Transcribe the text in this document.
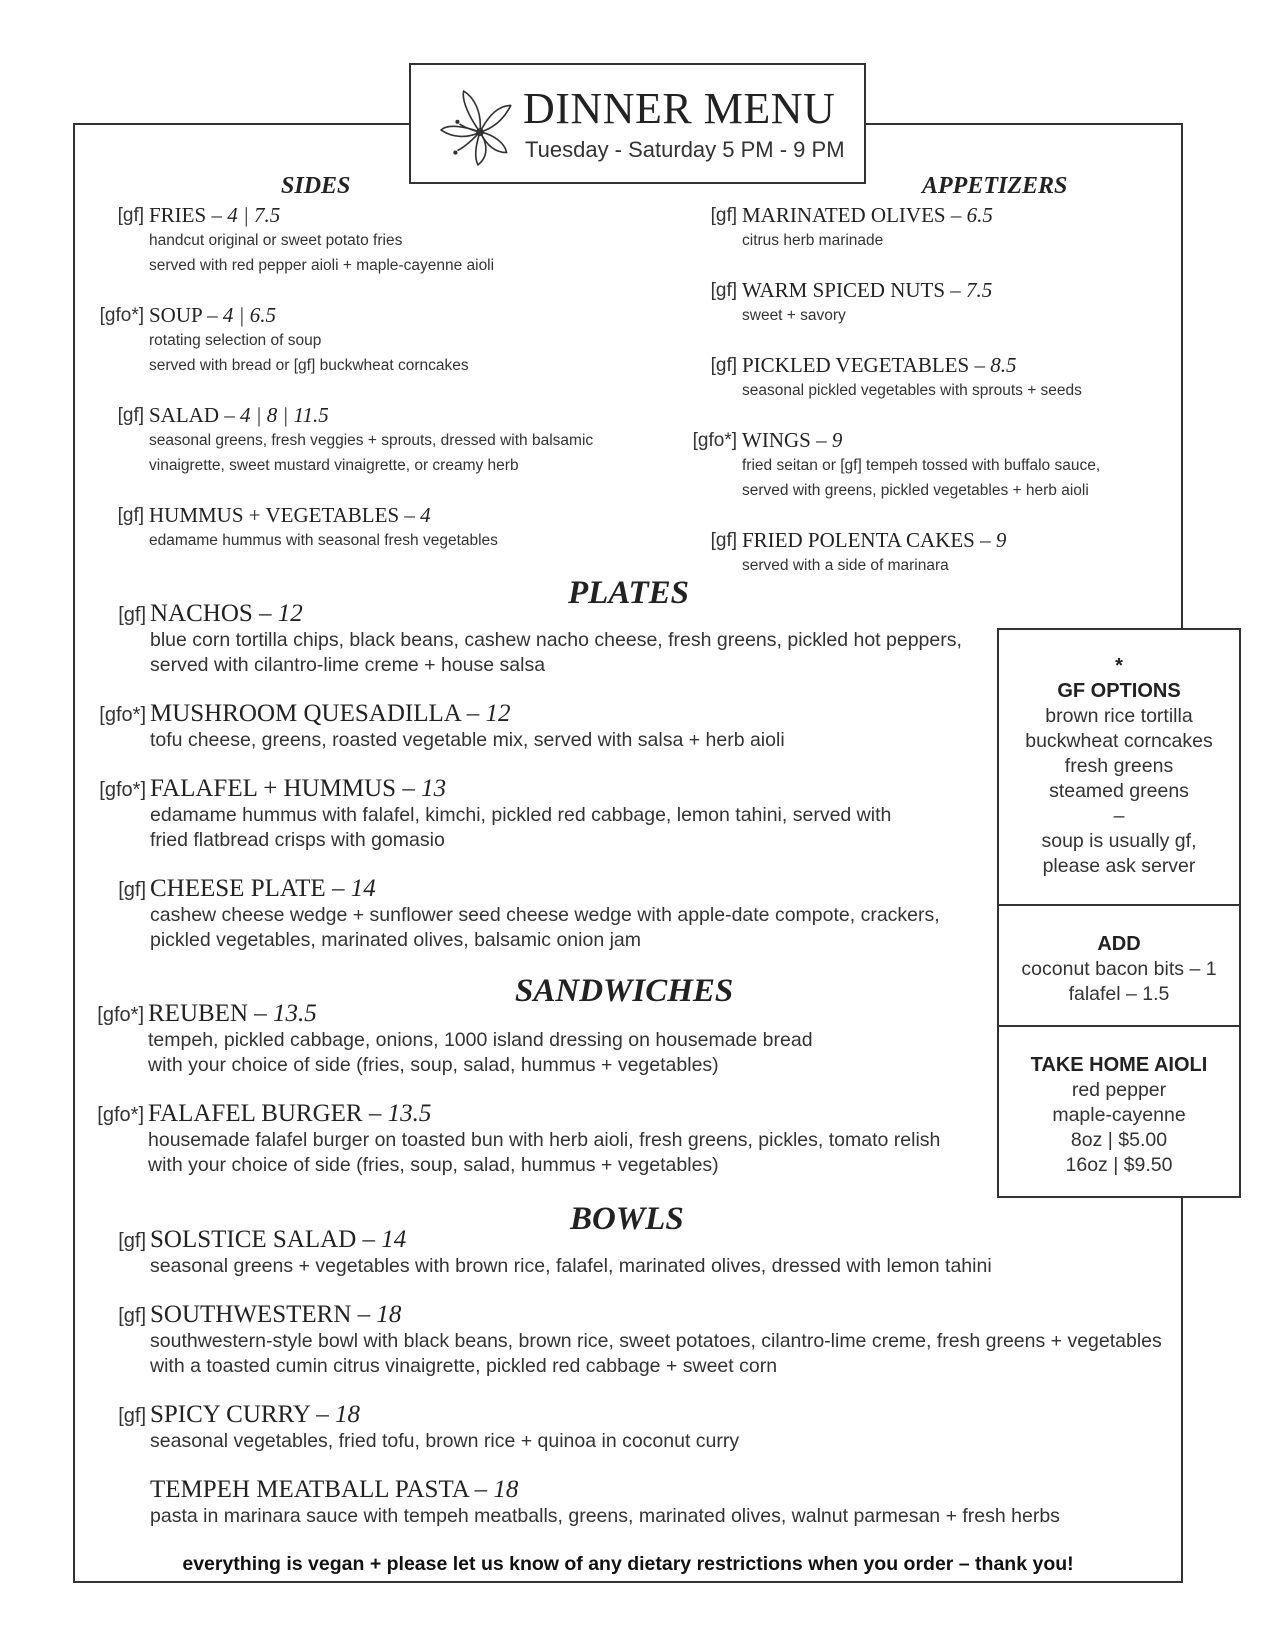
DINNER MENU
Tuesday - Saturday 5 PM - 9 PM
SIDES	APPETIZERS
PLATES
SANDWICHES
BOWLS
[gf] FRIES – 4 | 7.5
handcut original or sweet potato fries
served with red pepper aioli + maple-cayenne aioli
[gfo*] SOUP – 4 | 6.5
rotating selection of soup
served with bread or [gf] buckwheat corncakes
[gf] SALAD – 4 | 8 | 11.5
seasonal greens, fresh veggies + sprouts, dressed with balsamic
vinaigrette, sweet mustard vinaigrette, or creamy herb
[gf] HUMMUS + VEGETABLES – 4
edamame hummus with seasonal fresh vegetables
[gf] MARINATED OLIVES – 6.5
citrus herb marinade
[gf] WARM SPICED NUTS – 7.5
sweet + savory
[gf] PICKLED VEGETABLES – 8.5
seasonal pickled vegetables with sprouts + seeds
[gfo*] WINGS – 9
fried seitan or [gf] tempeh tossed with buffalo sauce,
served with greens, pickled vegetables + herb aioli
[gf] FRIED POLENTA CAKES – 9
served with a side of marinara
[gf] NACHOS – 12
blue corn tortilla chips, black beans, cashew nacho cheese, fresh greens, pickled hot peppers,
served with cilantro-lime creme + house salsa
[gfo*] MUSHROOM QUESADILLA – 12
tofu cheese, greens, roasted vegetable mix, served with salsa + herb aioli
[gfo*] FALAFEL + HUMMUS – 13
edamame hummus with falafel, kimchi, pickled red cabbage, lemon tahini, served with
fried flatbread crisps with gomasio
[gf] CHEESE PLATE – 14
cashew cheese wedge + sunflower seed cheese wedge with apple-date compote, crackers,
pickled vegetables, marinated olives, balsamic onion jam
[gfo*] REUBEN – 13.5
tempeh, pickled cabbage, onions, 1000 island dressing on housemade bread
with your choice of side (fries, soup, salad, hummus + vegetables)
[gfo*] FALAFEL BURGER – 13.5
housemade falafel burger on toasted bun with herb aioli, fresh greens, pickles, tomato relish
with your choice of side (fries, soup, salad, hummus + vegetables)
[gf] SOLSTICE SALAD – 14
seasonal greens + vegetables with brown rice, falafel, marinated olives, dressed with lemon tahini
[gf] SOUTHWESTERN – 18
southwestern-style bowl with black beans, brown rice, sweet potatoes, cilantro-lime creme, fresh greens + vegetables
with a toasted cumin citrus vinaigrette, pickled red cabbage + sweet corn
[gf] SPICY CURRY – 18
seasonal vegetables, fried tofu, brown rice + quinoa in coconut curry
TEMPEH MEATBALL PASTA – 18
pasta in marinara sauce with tempeh meatballs, greens, marinated olives, walnut parmesan + fresh herbs
*
GF OPTIONS
brown rice tortilla
buckwheat corncakes
fresh greens
steamed greens
–
soup is usually gf,
please ask server
ADD
coconut bacon bits – 1
falafel – 1.5
TAKE HOME AIOLI
red pepper
maple-cayenne
8oz | $5.00
16oz | $9.50
everything is vegan + please let us know of any dietary restrictions when you order – thank you!
